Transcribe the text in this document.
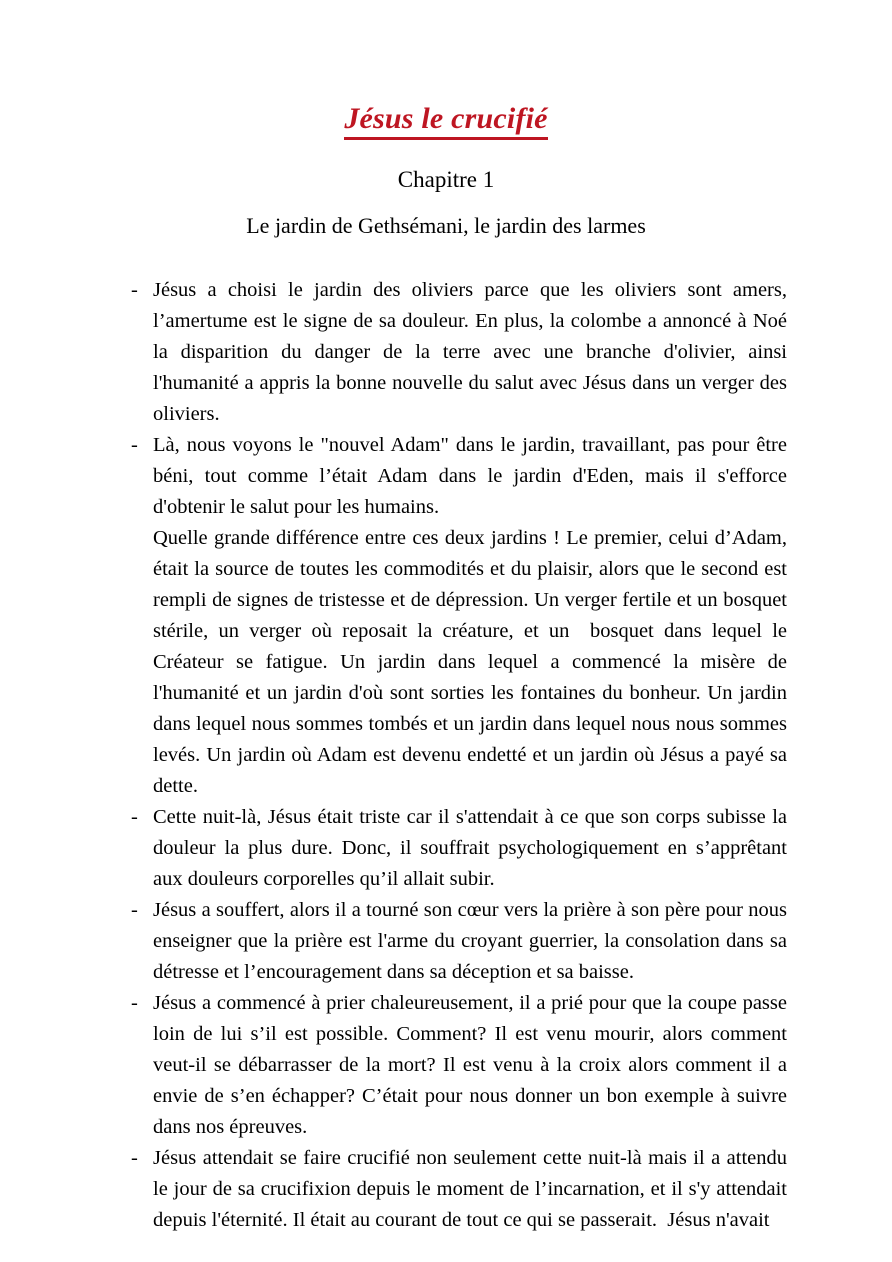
Jésus le crucifié
Chapitre 1
Le jardin de Gethsémani, le jardin des larmes
- Jésus a choisi le jardin des oliviers parce que les oliviers sont amers, l’amertume est le signe de sa douleur. En plus, la colombe a annoncé à Noé la disparition du danger de la terre avec une branche d'olivier, ainsi l'humanité a appris la bonne nouvelle du salut avec Jésus dans un verger des oliviers.
- Là, nous voyons le "nouvel Adam" dans le jardin, travaillant, pas pour être béni, tout comme l’était Adam dans le jardin d'Eden, mais il s'efforce d'obtenir le salut pour les humains.
Quelle grande différence entre ces deux jardins ! Le premier, celui d’Adam, était la source de toutes les commodités et du plaisir, alors que le second est rempli de signes de tristesse et de dépression. Un verger fertile et un bosquet stérile, un verger où reposait la créature, et un  bosquet dans lequel le Créateur se fatigue. Un jardin dans lequel a commencé la misère de l'humanité et un jardin d'où sont sorties les fontaines du bonheur. Un jardin dans lequel nous sommes tombés et un jardin dans lequel nous nous sommes levés. Un jardin où Adam est devenu endetté et un jardin où Jésus a payé sa dette.
- Cette nuit-là, Jésus était triste car il s'attendait à ce que son corps subisse la douleur la plus dure. Donc, il souffrait psychologiquement en s’apprêtant aux douleurs corporelles qu’il allait subir.
- Jésus a souffert, alors il a tourné son cœur vers la prière à son père pour nous enseigner que la prière est l'arme du croyant guerrier, la consolation dans sa détresse et l’encouragement dans sa déception et sa baisse.
- Jésus a commencé à prier chaleureusement, il a prié pour que la coupe passe loin de lui s’il est possible. Comment? Il est venu mourir, alors comment veut-il se débarrasser de la mort? Il est venu à la croix alors comment il a envie de s’en échapper? C’était pour nous donner un bon exemple à suivre dans nos épreuves.
- Jésus attendait se faire crucifié non seulement cette nuit-là mais il a attendu le jour de sa crucifixion depuis le moment de l’incarnation, et il s'y attendait depuis l'éternité. Il était au courant de tout ce qui se passerait.  Jésus n'avait
